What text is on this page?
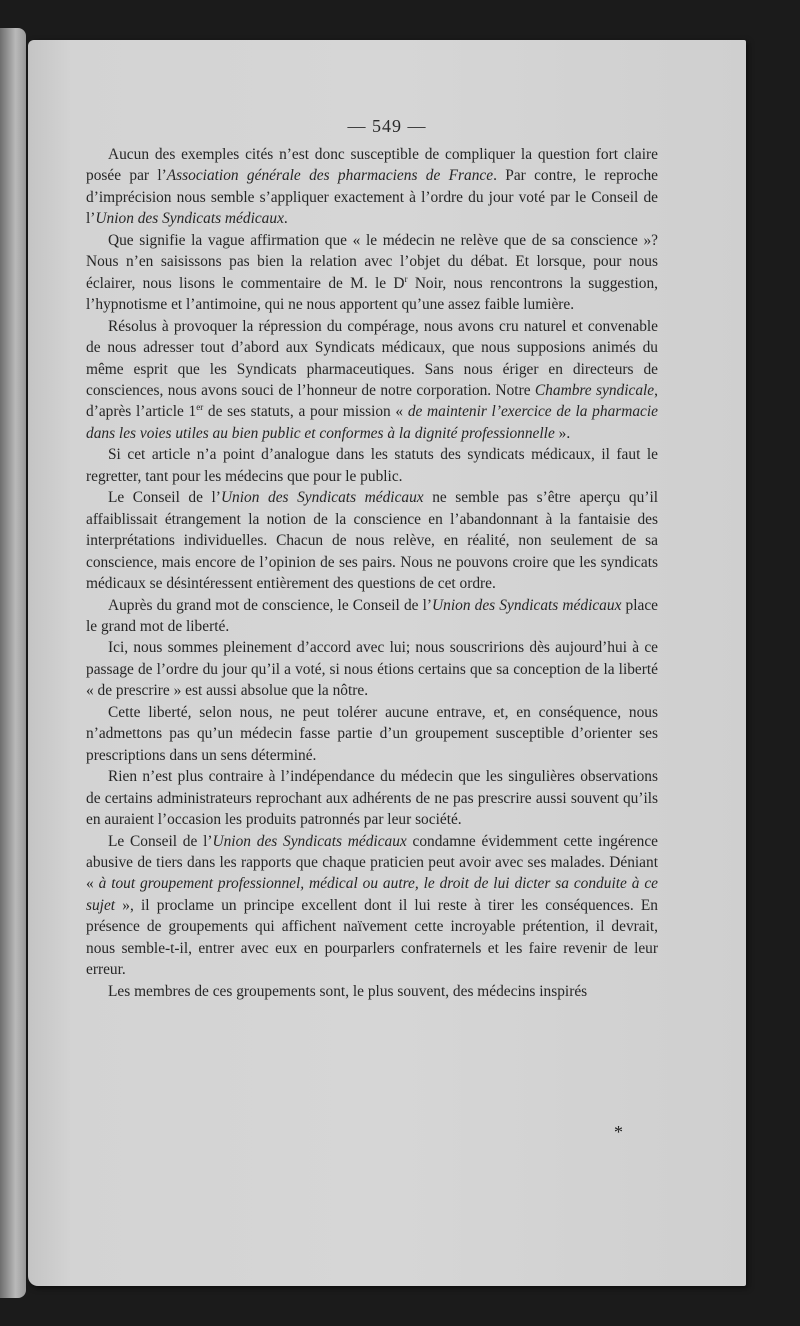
— 549 —

Aucun des exemples cités n’est donc susceptible de compliquer la question fort claire posée par l’Association générale des pharmaciens de France. Par contre, le reproche d’imprécision nous semble s’appliquer exactement à l’ordre du jour voté par le Conseil de l’Union des Syndicats médicaux.

Que signifie la vague affirmation que « le médecin ne relève que de sa conscience »? Nous n’en saisissons pas bien la relation avec l’objet du débat. Et lorsque, pour nous éclairer, nous lisons le commentaire de M. le $D^r$ Noir, nous rencontrons la suggestion, l’hypnotisme et l’antimoine, qui ne nous apportent qu’une assez faible lumière.

Résolus à provoquer la répression du compérage, nous avons cru naturel et convenable de nous adresser tout d’abord aux Syndicats médicaux, que nous supposions animés du même esprit que les Syndicats pharmaceutiques. Sans nous ériger en directeurs de consciences, nous avons souci de l’honneur de notre corporation. Notre Chambre syndicale, d’après l’article 1er de ses statuts, a pour mission « de maintenir l’exercice de la pharmacie dans les voies utiles au bien public et conformes à la dignité professionnelle ».

Si cet article n’a point d’analogue dans les statuts des syndicats médicaux, il faut le regretter, tant pour les médecins que pour le public.

Le Conseil de l’Union des Syndicats médicaux ne semble pas s’être aperçu qu’il affaiblissait étrangement la notion de la conscience en l’abandonnant à la fantaisie des interprétations individuelles. Chacun de nous relève, en réalité, non seulement de sa conscience, mais encore de l’opinion de ses pairs. Nous ne pouvons croire que les syndicats médicaux se désintéressent entièrement des questions de cet ordre.

Auprès du grand mot de conscience, le Conseil de l’Union des Syndicats médicaux place le grand mot de liberté.

Ici, nous sommes pleinement d’accord avec lui; nous souscririons dès aujourd’hui à ce passage de l’ordre du jour qu’il a voté, si nous étions certains que sa conception de la liberté « de prescrire » est aussi absolue que la nôtre.

Cette liberté, selon nous, ne peut tolérer aucune entrave, et, en conséquence, nous n’admettons pas qu’un médecin fasse partie d’un groupement susceptible d’orienter ses prescriptions dans un sens déterminé.

Rien n’est plus contraire à l’indépendance du médecin que les singulières observations de certains administrateurs reprochant aux adhérents de ne pas prescrire aussi souvent qu’ils en auraient l’occasion les produits patronnés par leur société.

Le Conseil de l’Union des Syndicats médicaux condamne évidemment cette ingérence abusive de tiers dans les rapports que chaque praticien peut avoir avec ses malades. Déniant « à tout groupement professionnel, médical ou autre, le droit de lui dicter sa conduite à ce sujet », il proclame un principe excellent dont il lui reste à tirer les conséquences. En présence de groupements qui affichent naïvement cette incroyable prétention, il devrait, nous semble-t-il, entrer avec eux en pourparlers confraternels et les faire revenir de leur erreur.

Les membres de ces groupements sont, le plus souvent, des médecins inspirés

*
